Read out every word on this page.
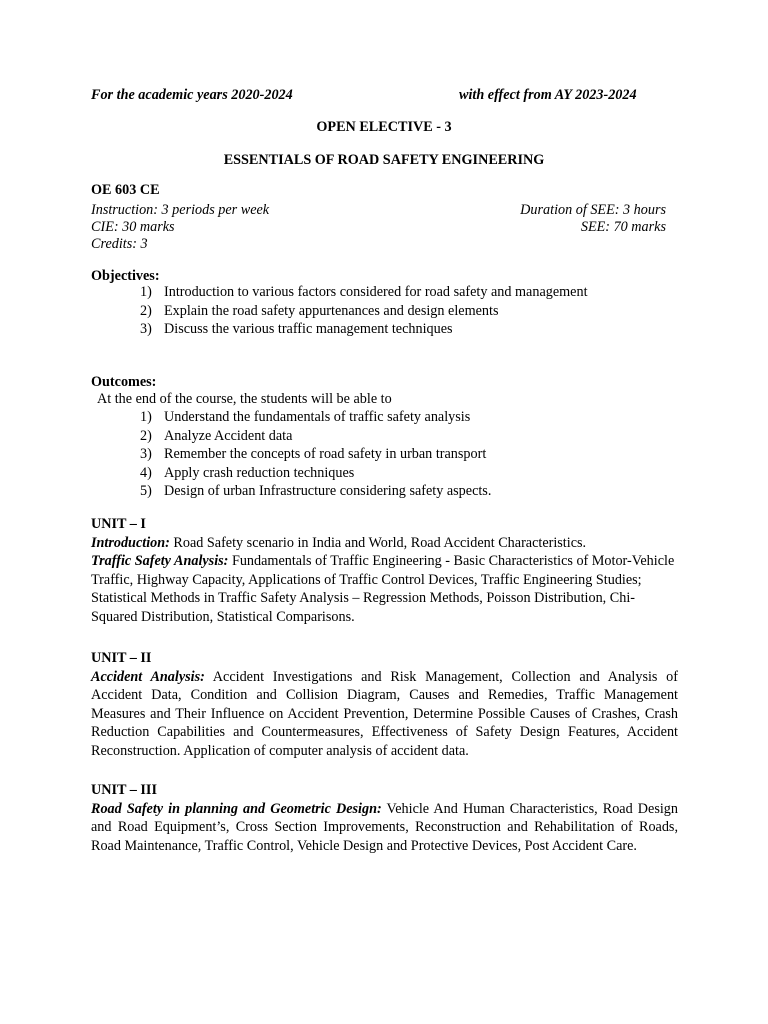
For the academic years 2020-2024	with effect from AY 2023-2024
OPEN ELECTIVE - 3
ESSENTIALS OF ROAD SAFETY ENGINEERING
OE 603 CE
Instruction: 3 periods per week
CIE: 30 marks
Credits: 3
Duration of SEE: 3 hours
SEE: 70 marks
Objectives:
1) Introduction to various factors considered for road safety and management
2) Explain the road safety appurtenances and design elements
3) Discuss the various traffic management techniques
Outcomes:
At the end of the course, the students will be able to
1) Understand the fundamentals of traffic safety analysis
2) Analyze Accident data
3) Remember the concepts of road safety in urban transport
4) Apply crash reduction techniques
5) Design of urban Infrastructure considering safety aspects.
UNIT – I

Introduction: Road Safety scenario in India and World, Road Accident Characteristics.

Traffic Safety Analysis: Fundamentals of Traffic Engineering - Basic Characteristics of Motor-Vehicle Traffic, Highway Capacity, Applications of Traffic Control Devices, Traffic Engineering Studies; Statistical Methods in Traffic Safety Analysis – Regression Methods, Poisson Distribution, Chi- Squared Distribution, Statistical Comparisons.

UNIT – II

Accident Analysis: Accident Investigations and Risk Management, Collection and Analysis of Accident Data, Condition and Collision Diagram, Causes and Remedies, Traffic Management Measures and Their Influence on Accident Prevention, Determine Possible Causes of Crashes, Crash Reduction Capabilities and Countermeasures, Effectiveness of Safety Design Features, Accident Reconstruction. Application of computer analysis of accident data.

UNIT – III

Road Safety in planning and Geometric Design: Vehicle And Human Characteristics, Road Design and Road Equipment’s, Cross Section Improvements, Reconstruction and Rehabilitation of Roads, Road Maintenance, Traffic Control, Vehicle Design and Protective Devices, Post Accident Care.
